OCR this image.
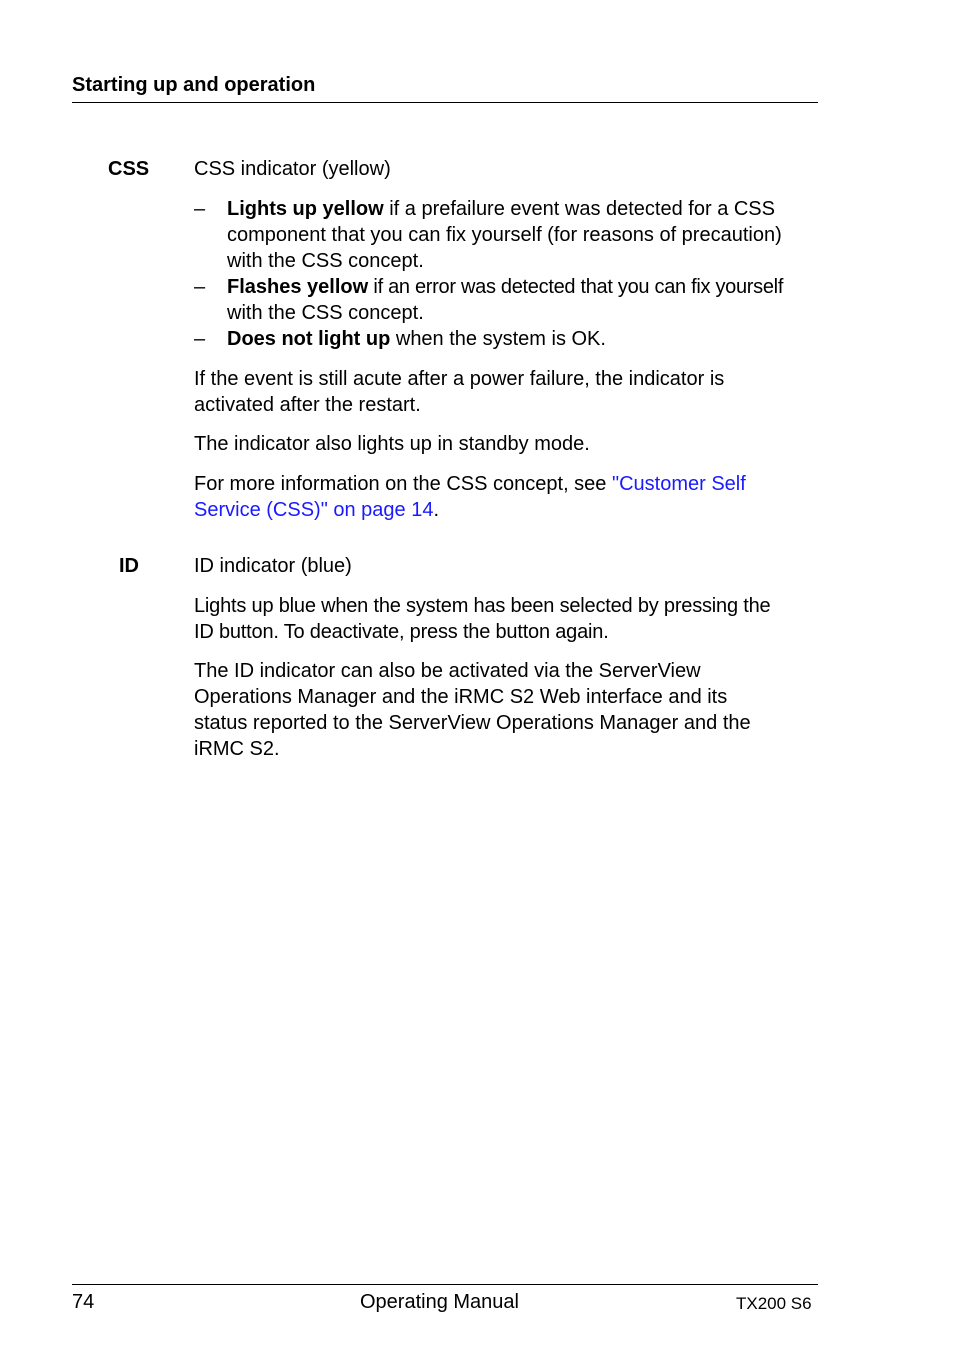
Starting up and operation
CSS CSS indicator (yellow)
– Lights up yellow if a prefailure event was detected for a CSS
component that you can fix yourself (for reasons of precaution)
with the CSS concept.
– Flashes yellow if an error was detected that you can fix yourself
with the CSS concept.
– Does not light up when the system is OK.
If the event is still acute after a power failure, the indicator is
activated after the restart.
The indicator also lights up in standby mode.
For more information on the CSS concept, see "Customer Self
Service (CSS)" on page 14.
ID	ID indicator (blue)
Lights up blue when the system has been selected by pressing the
ID button. To deactivate, press the button again.
The ID indicator can also be activated via the ServerView
Operations Manager and the iRMC S2 Web interface and its
status reported to the ServerView Operations Manager and the
iRMC S2.
74	Operating Manual	TX200 S6
